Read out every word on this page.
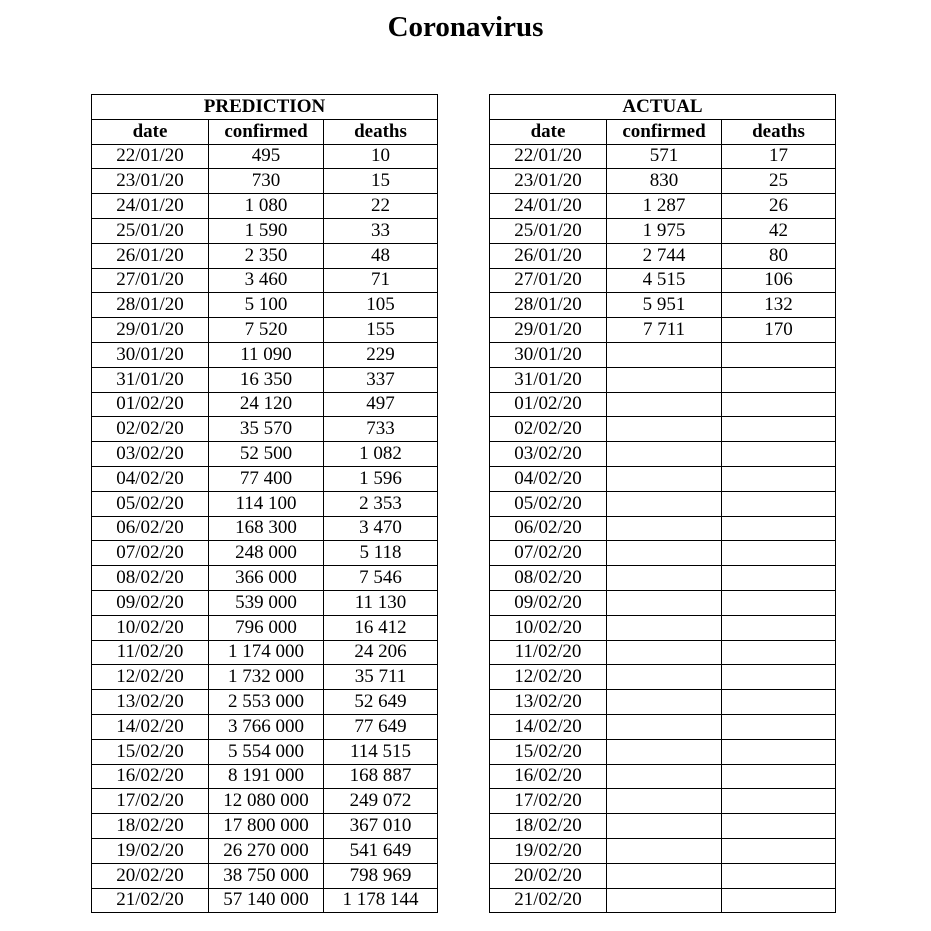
Coronavirus
PREDICTION		
date	confirmed	deaths
22/01/20	495	10
23/01/20	730	15
24/01/20	1 080	22
25/01/20	1 590	33
26/01/20	2 350	48
27/01/20	3 460	71
28/01/20	5 100	105
29/01/20	7 520	155
30/01/20	11 090	229
31/01/20	16 350	337
01/02/20	24 120	497
02/02/20	35 570	733
03/02/20	52 500	1 082
04/02/20	77 400	1 596
05/02/20	114 100	2 353
06/02/20	168 300	3 470
07/02/20	248 000	5 118
08/02/20	366 000	7 546
09/02/20	539 000	11 130
10/02/20	796 000	16 412
11/02/20	1 174 000	24 206
12/02/20	1 732 000	35 711
13/02/20	2 553 000	52 649
14/02/20	3 766 000	77 649
15/02/20	5 554 000	114 515
16/02/20	8 191 000	168 887
17/02/20	12 080 000	249 072
18/02/20	17 800 000	367 010
19/02/20	26 270 000	541 649
20/02/20	38 750 000	798 969
21/02/20	57 140 000	1 178 144
ACTUAL		
date	confirmed	deaths
22/01/20	571	17
23/01/20	830	25
24/01/20	1 287	26
25/01/20	1 975	42
26/01/20	2 744	80
27/01/20	4 515	106
28/01/20	5 951	132
29/01/20	7 711	170
30/01/20		
31/01/20		
01/02/20		
02/02/20		
03/02/20		
04/02/20		
05/02/20		
06/02/20		
07/02/20		
08/02/20		
09/02/20		
10/02/20		
11/02/20		
12/02/20		
13/02/20		
14/02/20		
15/02/20		
16/02/20		
17/02/20		
18/02/20		
19/02/20		
20/02/20		
21/02/20		
